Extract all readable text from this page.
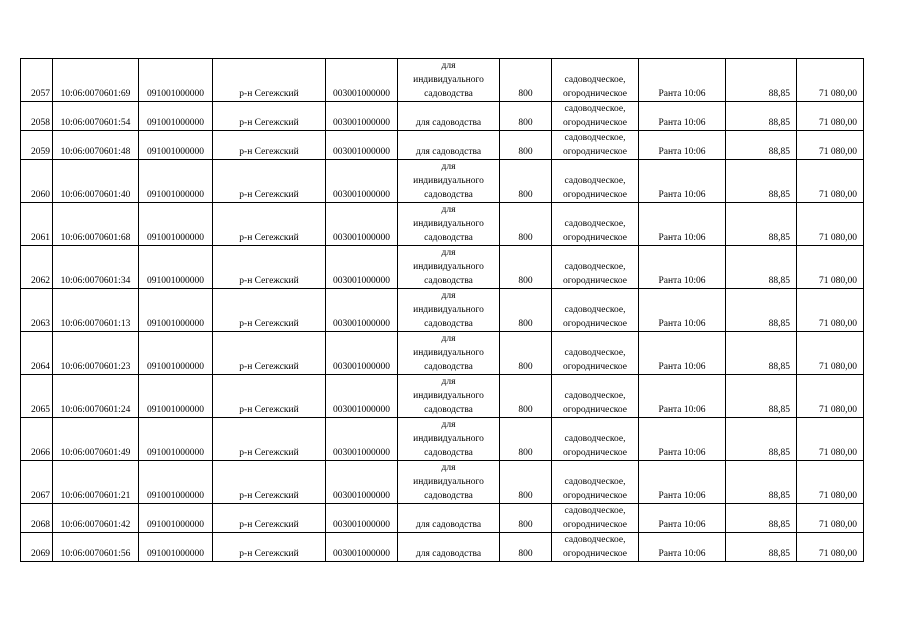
2057	10:06:0070601:69	091001000000	р-н Сегежский	003001000000	для
индивидуального
садоводства	800	садоводческое,
огородническое	Ранта 10:06	88,85	71 080,00
2058	10:06:0070601:54	091001000000	р-н Сегежский	003001000000	для садоводства	800	садоводческое,
огородническое	Ранта 10:06	88,85	71 080,00
2059	10:06:0070601:48	091001000000	р-н Сегежский	003001000000	для садоводства	800	садоводческое,
огородническое	Ранта 10:06	88,85	71 080,00
2060	10:06:0070601:40	091001000000	р-н Сегежский	003001000000	для
индивидуального
садоводства	800	садоводческое,
огородническое	Ранта 10:06	88,85	71 080,00
2061	10:06:0070601:68	091001000000	р-н Сегежский	003001000000	для
индивидуального
садоводства	800	садоводческое,
огородническое	Ранта 10:06	88,85	71 080,00
2062	10:06:0070601:34	091001000000	р-н Сегежский	003001000000	для
индивидуального
садоводства	800	садоводческое,
огородническое	Ранта 10:06	88,85	71 080,00
2063	10:06:0070601:13	091001000000	р-н Сегежский	003001000000	для
индивидуального
садоводства	800	садоводческое,
огородническое	Ранта 10:06	88,85	71 080,00
2064	10:06:0070601:23	091001000000	р-н Сегежский	003001000000	для
индивидуального
садоводства	800	садоводческое,
огородническое	Ранта 10:06	88,85	71 080,00
2065	10:06:0070601:24	091001000000	р-н Сегежский	003001000000	для
индивидуального
садоводства	800	садоводческое,
огородническое	Ранта 10:06	88,85	71 080,00
2066	10:06:0070601:49	091001000000	р-н Сегежский	003001000000	для
индивидуального
садоводства	800	садоводческое,
огородническое	Ранта 10:06	88,85	71 080,00
2067	10:06:0070601:21	091001000000	р-н Сегежский	003001000000	для
индивидуального
садоводства	800	садоводческое,
огородническое	Ранта 10:06	88,85	71 080,00
2068	10:06:0070601:42	091001000000	р-н Сегежский	003001000000	для садоводства	800	садоводческое,
огородническое	Ранта 10:06	88,85	71 080,00
2069	10:06:0070601:56	091001000000	р-н Сегежский	003001000000	для садоводства	800	садоводческое,
огородническое	Ранта 10:06	88,85	71 080,00
